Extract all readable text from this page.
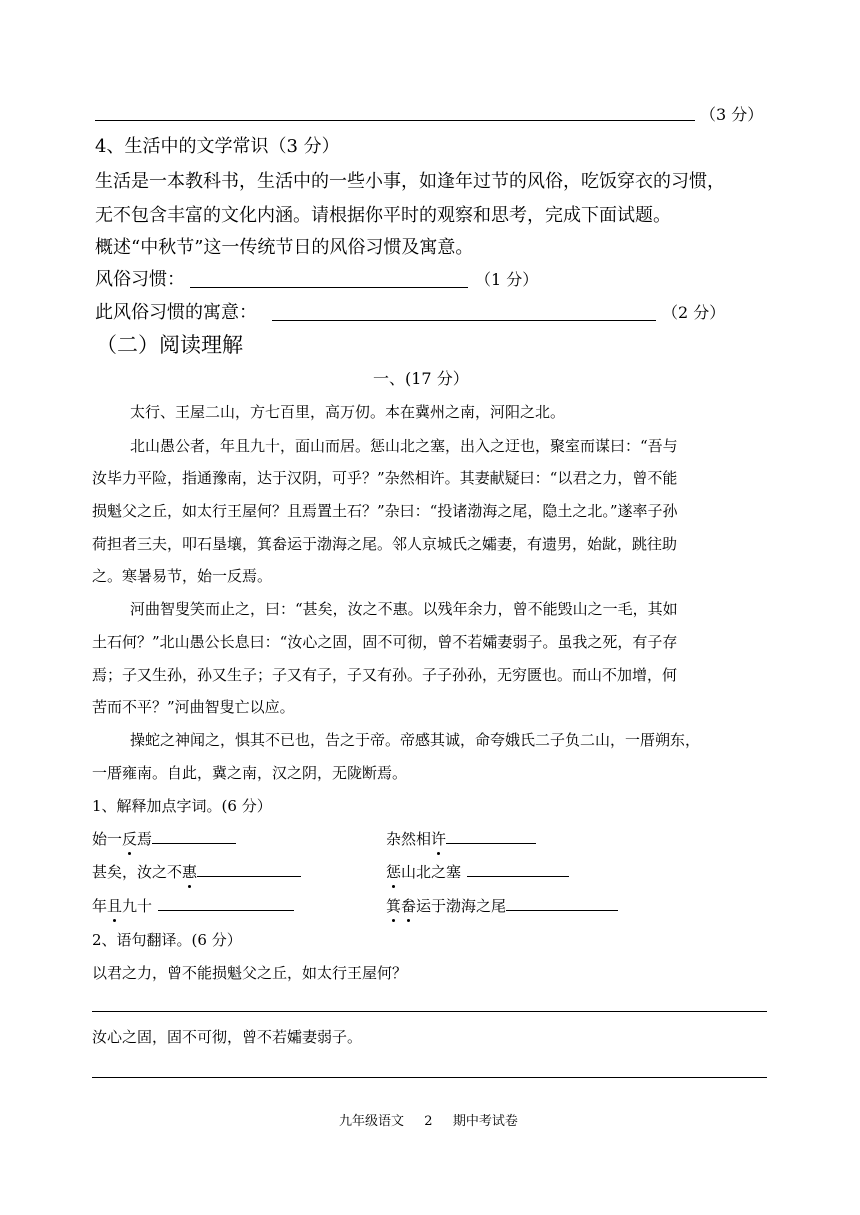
（3 分）
4、生活中的文学常识（3 分）
生活是一本教科书，生活中的一些小事，如逢年过节的风俗，吃饭穿衣的习惯，
无不包含丰富的文化内涵。请根据你平时的观察和思考，完成下面试题。
概述“中秋节”这一传统节日的风俗习惯及寓意。
风俗习惯：	（1 分）
此风俗习惯的寓意：	（2 分）
（二）阅读理解
一、(17 分）
太行、王屋二山，方七百里，高万仞。本在冀州之南，河阳之北。
北山愚公者，年且九十，面山而居。惩山北之塞，出入之迂也，聚室而谋曰：“吾与
汝毕力平险，指通豫南，达于汉阴，可乎？”杂然相许。其妻献疑曰：“以君之力，曾不能
损魁父之丘，如太行王屋何？且焉置土石？”杂曰：“投诸渤海之尾，隐土之北。”遂率子孙
荷担者三夫，叩石垦壤，箕畚运于渤海之尾。邻人京城氏之孀妻，有遗男，始龀，跳往助
之。寒暑易节，始一反焉。
河曲智叟笑而止之，曰：“甚矣，汝之不惠。以残年余力，曾不能毁山之一毛，其如
土石何？”北山愚公长息曰：“汝心之固，固不可彻，曾不若孀妻弱子。虽我之死，有子存
焉；子又生孙，孙又生子；子又有子，子又有孙。子子孙孙，无穷匮也。而山不加增，何
苦而不平？”河曲智叟亡以应。
操蛇之神闻之，惧其不已也，告之于帝。帝感其诚，命夸娥氏二子负二山，一厝朔东，
一厝雍南。自此，冀之南，汉之阴，无陇断焉。
1、解释加点字词。(6 分）
始一反焉	杂然相许
甚矣，汝之不惠	惩山北之塞
年且九十	箕畚运于渤海之尾
2、语句翻译。(6 分）
以君之力，曾不能损魁父之丘，如太行王屋何？
汝心之固，固不可彻，曾不若孀妻弱子。
九年级语文 2 期中考试卷
